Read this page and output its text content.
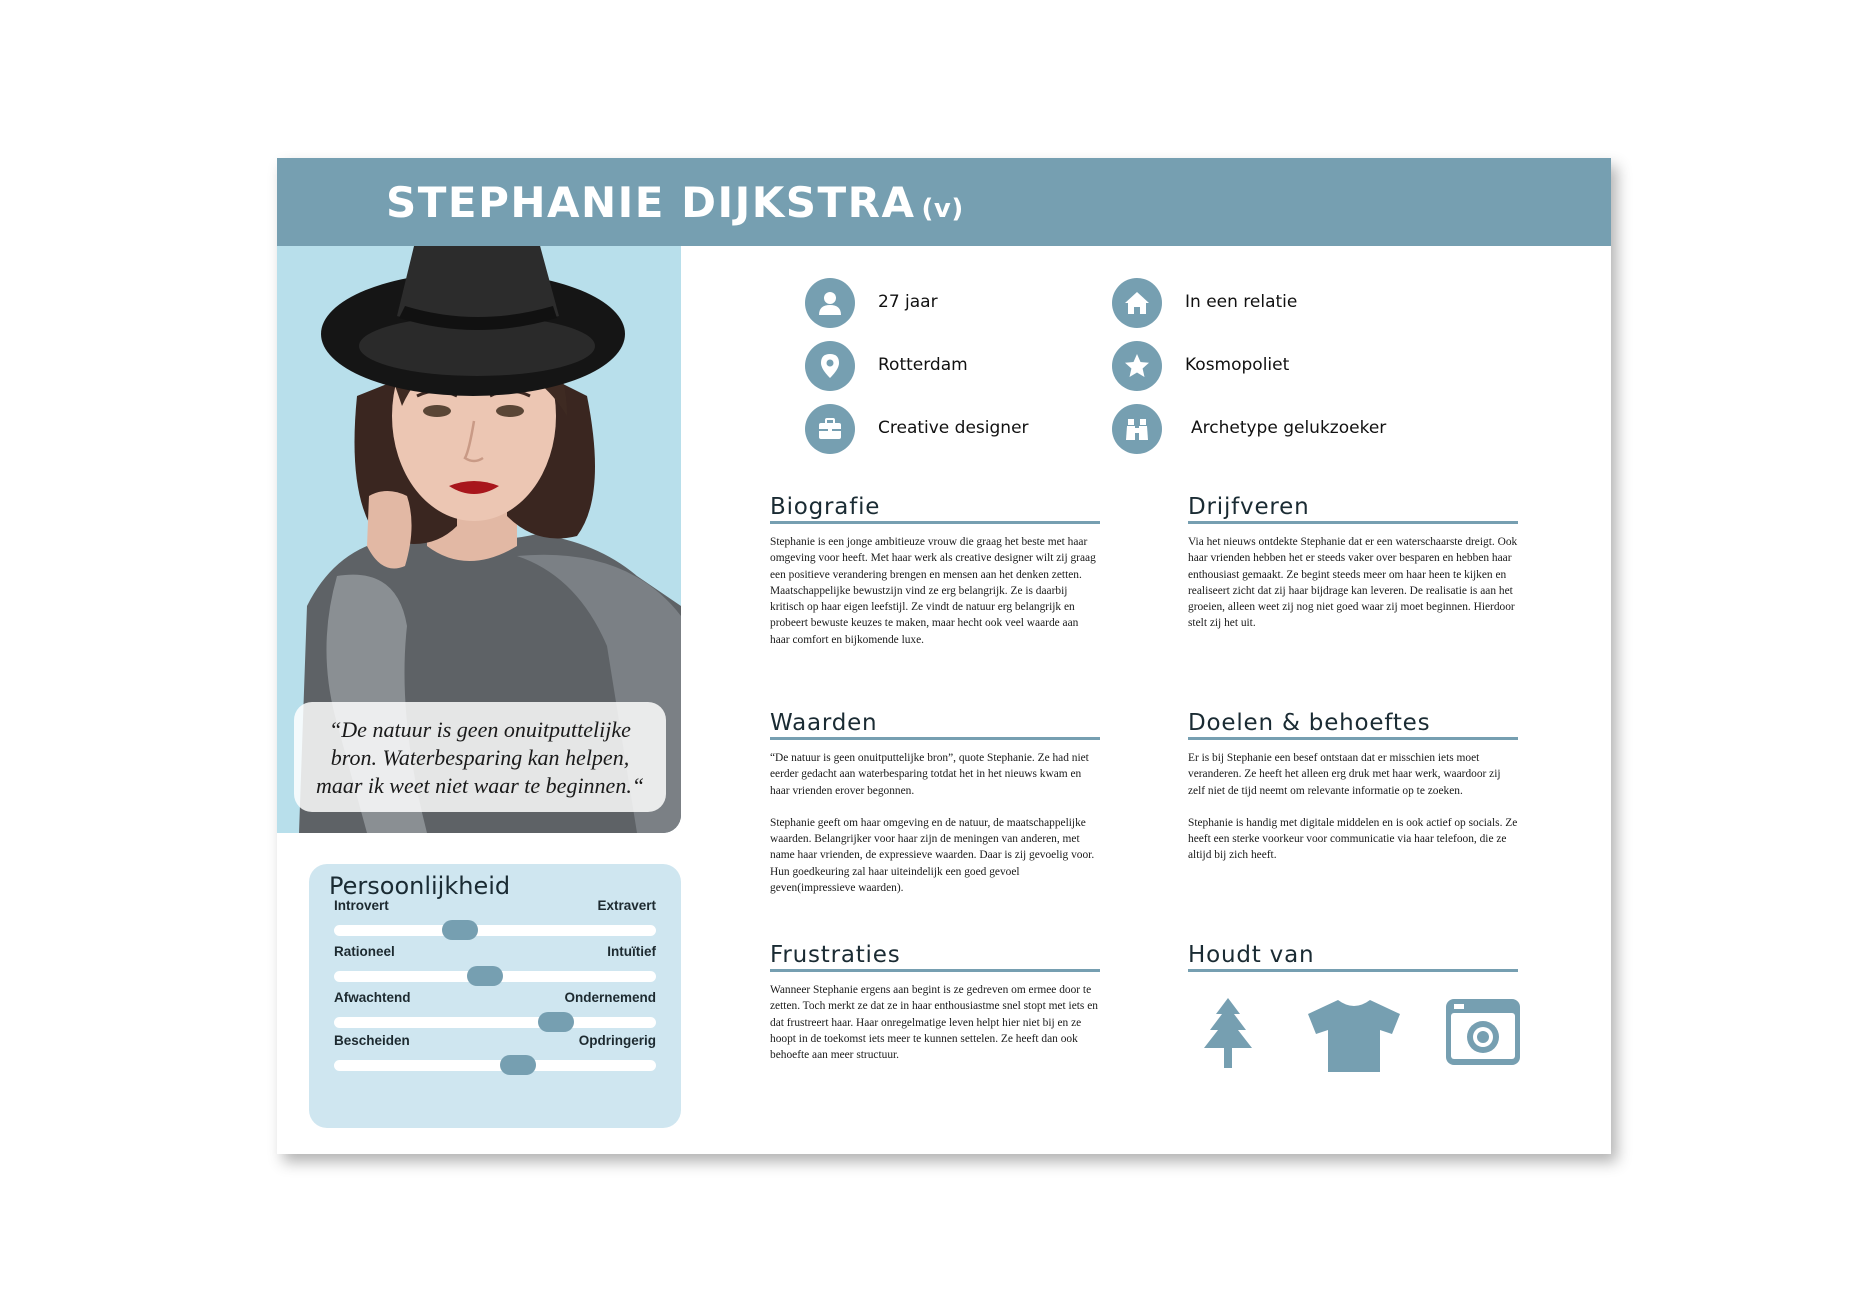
STEPHANIE DIJKSTRA (v)
“De natuur is geen onuitputtelijke bron. Waterbesparing kan helpen, maar ik weet niet waar te beginnen.“
Persoonlijkheid
Introvert	Extravert
Rationeel	Intuïtief
Afwachtend	Ondernemend
Bescheiden	Opdringerig
27 jaar
Rotterdam
Creative designer
In een relatie
Kosmopoliet
Archetype gelukzoeker
Biografie

Stephanie is een jonge ambitieuze vrouw die graag het beste met haar omgeving voor heeft. Met haar werk als creative designer wilt zij graag een positieve verandering brengen en mensen aan het denken zetten. Maatschappelijke bewustzijn vind ze erg belangrijk. Ze is daarbij kritisch op haar eigen leefstijl. Ze vindt de natuur erg belangrijk en probeert bewuste keuzes te maken, maar hecht ook veel waarde aan haar comfort en bijkomende luxe.

Drijfveren

Via het nieuws ontdekte Stephanie dat er een waterschaarste dreigt. Ook haar vrienden hebben het er steeds vaker over besparen en hebben haar enthousiast gemaakt. Ze begint steeds meer om haar heen te kijken en realiseert zicht dat zij haar bijdrage kan leveren. De realisatie is aan het groeien, alleen weet zij nog niet goed waar zij moet beginnen. Hierdoor stelt zij het uit.

Waarden

“De natuur is geen onuitputtelijke bron”, quote Stephanie. Ze had niet eerder gedacht aan waterbesparing totdat het in het nieuws kwam en haar vrienden erover begonnen.

Stephanie geeft om haar omgeving en de natuur, de maatschappelijke waarden. Belangrijker voor haar zijn de meningen van anderen, met name haar vrienden, de expressieve waarden. Daar is zij gevoelig voor. Hun goedkeuring zal haar uiteindelijk een goed gevoel geven(impressieve waarden).

Doelen & behoeftes

Er is bij Stephanie een besef ontstaan dat er misschien iets moet veranderen. Ze heeft het alleen erg druk met haar werk, waardoor zij zelf niet de tijd neemt om relevante informatie op te zoeken.

Stephanie is handig met digitale middelen en is ook actief op socials. Ze heeft een sterke voorkeur voor communicatie via haar telefoon, die ze altijd bij zich heeft.

Frustraties

Wanneer Stephanie ergens aan begint is ze gedreven om ermee door te zetten. Toch merkt ze dat ze in haar enthousiastme snel stopt met iets en dat frustreert haar. Haar onregelmatige leven helpt hier niet bij en ze hoopt in de toekomst iets meer te kunnen settelen. Ze heeft dan ook behoefte aan meer structuur.

Houdt van
